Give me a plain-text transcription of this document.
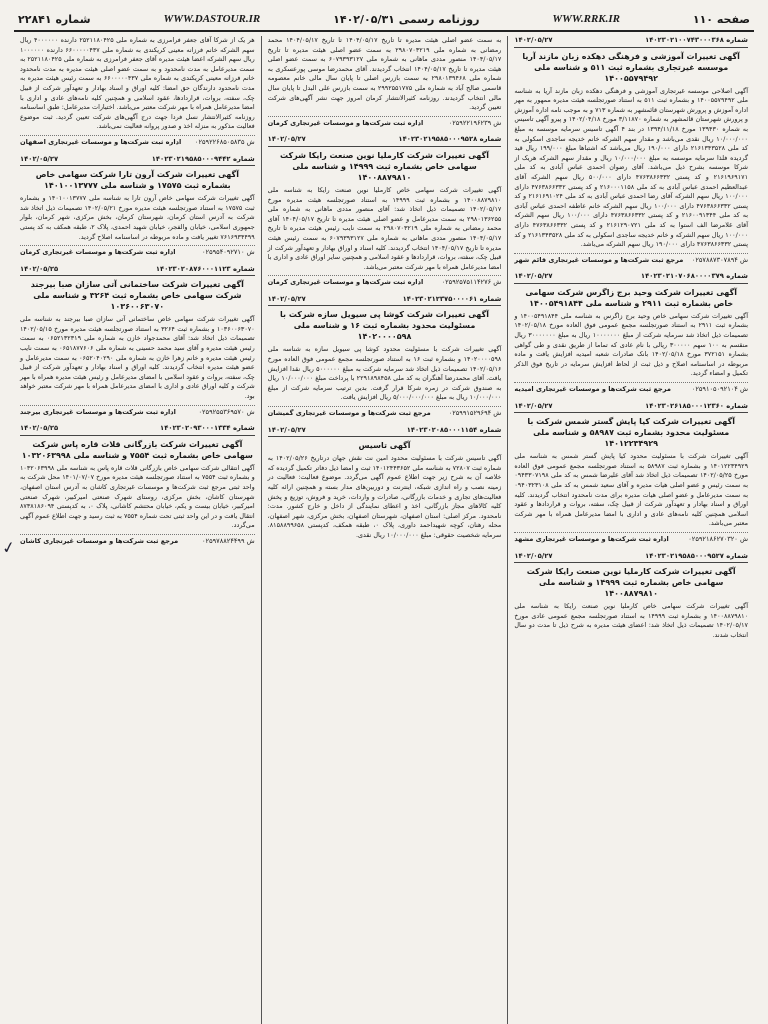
صفحه ۱۱۰
WWW.RRK.IR
روزنامه رسمی ۱۴۰۲/۰۵/۳۱
WWW.DASTOUR.IR
شماره ۲۲۸۴۱
شماره ۱۴۰۲۳۰۲۱۰۰۷۴۳۰۰۰۳۶۸
۱۴۰۲/۰۵/۲۷
آگهی تغییرات آموزشی و فرهنگی دهکده زبان مازند آریا موسسه غیرتجاری بشماره ثبت ۵۱۱ و شناسه ملی ۱۴۰۰۵۵۷۹۴۹۲

آگهی اصلاحی موسسه غیرتجاری آموزشی و فرهنگی دهکده زبان مازند آریا به شناسه ملی ۱۴۰۰۵۵۷۹۴۹۲ و بشماره ثبت ۵۱۱ به استناد صورتجلسه هیئت مدیره ممهور به مهر اداره آموزش و پرورش شهرستان قائمشهر به شماره ۷۱۳ و به موجب نامه اداره آموزش و پرورش شهرستان قائمشهر به شماره ۳/۱۱۸۷۰ مورخ ۱۴۰۲/۰۴/۱۸ و پیرو آگهی تاسیس به شماره ۱۳۹۴۳۰ مورخ ۱۳۹۴/۱۱/۱۸ در بند ۴ آگهی تاسیس سرمایه موسسه به مبلغ ۱۰/۰۰۰/۰۰۰ ریال نقدی می‌باشد و مقدار سهم الشرکه خانم خدیجه ساجدی اسکولی به کد ملی ۲۱۶۱۳۴۳۵۲۸ دارای ۱۹۰/۰۰۰ ریال می‌باشد که اشتباها مبلغ ۱۹۹/۰۰۰ ریال قید گردیده فلذا سرمایه موسسه به مبلغ ۱۰/۰۰۰/۰۰۰ ریال و مقدار سهم الشرکه هریک از شرکا موسسه بشرح ذیل می‌باشد. آقای رضوان احمدی عباس آبادی به کد ملی ۲۱۶۱۹۶۹۱۷۱ و کد پستی ۴۷۶۳۸۶۶۳۳۲ دارای ۵۰۰/۰۰۰ ریال سهم الشرکه آقای عبدالعظیم احمدی عباس آبادی به کد ملی ۲۱۶۰۰۰۱۱۵۸ و کد پستی ۴۷۶۳۸۶۶۳۳۲ دارای ۱۰۰/۰۰۰ ریال سهم الشرکه آقای رضا احمدی عباس آبادی به کد ملی ۲۱۶۱۶۹۱۰۲۴ و کد پستی ۴۷۶۳۸۶۶۳۳۲ دارای ۱۰۰/۰۰۰ ریال سهم الشرکه خانم عاطفه احمدی عباس آبادی به کد ملی ۲۱۶۰۰۹۱۳۴۴ و کد پستی ۴۷۶۳۸۶۶۳۳۲ دارای ۱۰۰/۰۰۰ ریال سهم الشرکه آقای غلامرضا الف استوا به کد ملی ۲۱۶۱۲۹۰۷۲۱ و کد پستی ۴۷۶۳۸۶۶۳۳۲ دارای ۱۰۰/۰۰۰ ریال سهم الشرکه و خانم خدیجه ساجدی اسکولی به کد ملی ۲۱۶۱۳۴۳۵۲۸ و کد پستی ۴۷۶۳۸۶۶۳۳۲ دارای ۱۹۰/۰۰۰ ریال سهم الشرکه می‌باشد.

ش ۰۲۵۷۸۸۷۳۰۷۸۹۴
مرجع ثبت شرکت‌ها و موسسات غیرتجاری قائم شهر
شماره ۱۴۰۲۳۰۲۱۰۷۰۶۸۰۰۰۰۳۷۹
۱۴۰۲/۰۵/۲۷
آگهی تغییرات شرکت وحید برج زاگرس شرکت سهامی خاص بشماره ثبت ۲۹۱۱ و شناسه ملی ۱۴۰۰۵۴۹۱۸۴۴

آگهی تغییرات شرکت سهامی خاص وحید برج زاگرس به شناسه ملی ۱۴۰۰۵۴۹۱۸۴۴ و بشماره ثبت ۲۹۱۱ به استناد صورتجلسه مجمع عمومی فوق العاده مورخ ۱۴۰۲/۰۵/۱۸ تصمیمات ذیل اتخاذ شد سرمایه شرکت از مبلغ ۱۰۰۰۰۰۰۰ ریال به مبلغ ۳۰۰۰۰۰۰۰ ریال منقسم به ۱۰۰ سهم ۳۰۰۰۰۰ ریالی با نام عادی که تماما از طریق نقدی و طی گواهی بشماره ۳۷۲۱۵۱ مورخ ۱۴۰۲/۰۵/۱۸ بانک صادرات شعبه امیدیه افزایش یافت و ماده مربوطه در اساسنامه اصلاح و ذیل ثبت از لحاظ افزایش سرمایه در تاریخ فوق الذکر تکمیل و امضاء گردید.

ش ۰۲۵۹۱۰۵۰۹۲۱۰۴
مرجع ثبت شرکت‌ها و موسسات غیرتجاری امیدیه
شماره ۱۴۰۲۳۰۲۶۱۸۵۰۰۰۱۲۳۶۰
۱۴۰۲/۰۵/۲۷
آگهی تغییرات شرکت کیا پایش گستر شمس شرکت با مسئولیت محدود بشماره ثبت ۵۸۹۸۷ و شناسه ملی ۱۴۰۱۲۲۳۴۹۲۹

آگهی تغییرات شرکت با مسئولیت محدود کیا پایش گستر شمس به شناسه ملی ۱۴۰۱۲۲۳۴۹۲۹ و بشماره ثبت ۵۸۹۸۷ به استناد صورتجلسه مجمع عمومی فوق العاده مورخ ۱۴۰۲/۰۵/۲۵ تصمیمات ذیل اتخاذ شد آقای علیرضا شمس به کد ملی ۰۹۴۳۳۰۷۱۹۸ به سمت رئیس و عضو اصلی هیات مدیره و آقای سعید شمس به کد ملی ۰۹۴۰۳۲۳۱۰۸ به سمت مدیرعامل و عضو اصلی هیات مدیره برای مدت نامحدود انتخاب گردیدند. کلیه اوراق و اسناد بهادار و تعهدآور شرکت از قبیل چک، سفته، بروات و قراردادها و عقود اسلامی همچنین کلیه نامه‌های عادی و اداری با امضا مدیرعامل همراه با مهر شرکت معتبر می‌باشد.

ش ۰۲۵۹۲۱۸۶۲۷۰۳۲۰
اداره ثبت شرکت‌ها و موسسات غیرتجاری مشهد
شماره ۱۴۰۲۳۰۲۱۹۵۸۵۰۰۰۹۵۲۷
۱۴۰۲/۰۵/۲۷
آگهی تغییرات شرکت کارملیا نوین صنعت رایکا شرکت سهامی خاص بشماره ثبت ۱۴۹۹۹ و شناسه ملی ۱۴۰۰۸۸۷۹۸۱۰

آگهی تغییرات شرکت سهامی خاص کارملیا نوین صنعت رایکا به شناسه ملی ۱۴۰۰۸۸۷۹۸۱۰ و بشماره ثبت ۱۴۹۹۹ به استناد صورتجلسه مجمع عمومی عادی مورخ ۱۴۰۲/۰۵/۱۷ تصمیمات ذیل اتخاذ شد: اعضای هیئت مدیره به شرح ذیل تا مدت دو سال انتخاب شدند.

به سمت عضو اصلی هیئت مدیره تا تاریخ ۱۴۰۴/۰۵/۱۷ تا تاریخ ۱۴۰۴/۰۵/۱۷ محمد رمضانی به شماره ملی ۲۹۸۰۷۰۳۲۱۹ به سمت عضو اصلی هیئت مدیره تا تاریخ ۱۴۰۴/۰۵/۱۷ منصور مددی ماهانی به شماره ملی ۶۰۷۹۳۹۳۱۲۷ به سمت عضو اصلی هیئت مدیره تا تاریخ ۱۴۰۴/۰۵/۱۷ انتخاب گردیدند. آقای محمدرضا موسی پورعسکری به شماره ملی ۲۹۸۰۱۳۹۴۶۸ به سمت بازرس اصلی تا پایان سال مالی خانم معصومه قاسمی صالح آباد به شماره ملی ۲۹۹۲۵۵۱۷۷۵ به سمت بازرس علی البدل تا پایان سال مالی انتخاب گردیدند. روزنامه کثیرالانتشار کرمان امروز جهت نشر آگهی‌های شرکت تعیین گردید.

ش ۰۲۵۹۲۲۱۹۶۲۳۹
اداره ثبت شرکت‌ها و موسسات غیرتجاری کرمان
شماره ۱۴۰۲۳۰۲۱۹۵۸۵۰۰۰۹۵۲۸
۱۴۰۲/۰۵/۲۷
آگهی تغییرات شرکت کارملیا نوین صنعت رایکا شرکت سهامی خاص بشماره ثبت ۱۴۹۹۹ و شناسه ملی ۱۴۰۰۸۸۷۹۸۱۰

آگهی تغییرات شرکت سهامی خاص کارملیا نوین صنعت رایکا به شناسه ملی ۱۴۰۰۸۸۷۹۸۱۰ و بشماره ثبت ۱۴۹۹۹ به استناد صورتجلسه هیئت مدیره مورخ ۱۴۰۲/۰۵/۱۷ تصمیمات ذیل اتخاذ شد: آقای منصور مددی ماهانی به شماره ملی ۲۹۸۰۱۳۶۲۵۵ به سمت مدیرعامل و عضو اصلی هیئت مدیره تا تاریخ ۱۴۰۴/۰۵/۱۷ آقای محمد رمضانی به شماره ملی ۲۹۸۰۷۰۳۲۱۹ به سمت نایب رئیس هیئت مدیره تا تاریخ ۱۴۰۴/۰۵/۱۷ منصور مددی ماهانی به شماره ملی ۶۰۷۹۳۹۳۱۲۷ به سمت رئیس هیئت مدیره تا تاریخ ۱۴۰۴/۰۵/۱۷ انتخاب گردیدند. کلیه اسناد و اوراق بهادار و تعهدآور شرکت از قبیل چک، سفته، بروات، قراردادها و عقود اسلامی و همچنین سایر اوراق عادی و اداری با امضا مدیرعامل همراه با مهر شرکت معتبر می‌باشد.

ش ۰۲۵۹۲۵۷۵۱۱۴۲۷۶
اداره ثبت شرکت‌ها و موسسات غیرتجاری کرمان
شماره ۱۴۰۲۳۰۲۱۲۳۷۵۰۰۰۰۶۱
۱۴۰۲/۰۵/۲۷
آگهی تغییرات شرکت کوشا پی سیویل سازه شرکت با مسئولیت محدود بشماره ثبت ۱۶ و شناسه ملی ۱۴۰۲۰۰۰۰۵۹۸

آگهی تغییرات شرکت با مسئولیت محدود کوشا پی سیویل سازه به شناسه ملی ۱۴۰۲۰۰۰۰۵۹۸ و بشماره ثبت ۱۶ به استناد صورتجلسه مجمع عمومی فوق العاده مورخ ۱۴۰۲/۰۵/۱۶ تصمیمات ذیل اتخاذ شد سرمایه شرکت به مبلغ ۵۰۰۰۰۰۰ ریال نقدا افزایش یافت. آقای محمدرضا آهنگران به کد ملی ۲۲۹۱۸۹۸۴۵۸ با پرداخت مبلغ ۱۰/۰۰۰/۰۰۰ ریال به صندوق شرکت در زمره شرکا قرار گرفت. بدین ترتیب سرمایه شرکت از مبلغ ۱۰/۰۰۰/۰۰۰ ریال به مبلغ ۵/۰۰۰/۰۰۰/۰۰۰ ریال افزایش یافت.

ش ۰۲۵۹۹۱۵۲۹۶۹۴
مرجع ثبت شرکت‌ها و موسسات غیرتجاری گمیشان
شماره ۱۴۰۲۳۰۲۰۸۵۰۰۰۱۱۵۴
۱۴۰۲/۰۵/۲۷
آگهی تاسیس

آگهی تاسیس شرکت با مسئولیت محدود امین نت نقش جهان درتاریخ ۱۴۰۲/۰۵/۲۶ به شماره ثبت ۷۲۸۰۷ به شناسه ملی ۱۴۰۱۲۴۴۳۶۵۲ ثبت و امضا ذیل دفاتر تکمیل گردیده که خلاصه آن به شرح زیر جهت اطلاع عموم آگهی می‌گردد. موضوع فعالیت: فعالیت در زمینه نصب و راه اندازی شبکه، اینترنت و دوربین‌های مدار بسته و همچنین ارائه کلیه فعالیت‌های تجاری و خدمات بازرگانی، صادرات و واردات، خرید و فروش، توزیع و پخش کلیه کالاهای مجاز بازرگانی، اخذ و اعطای نمایندگی از داخل و خارج کشور. مدت: نامحدود. مرکز اصلی: استان اصفهان، شهرستان اصفهان، بخش مرکزی، شهر اصفهان، محله رهنان، کوچه شهیداحمد داوری، پلاک ۰، طبقه همکف، کدپستی ۸۱۵۸۸۹۹۶۵۸. سرمایه شخصیت حقوقی: مبلغ ۱۰/۰۰۰/۰۰۰ ریال نقدی.

هر یک از شرکا آقای جعفر فرامرزی به شماره ملی ۲۵۲۱۱۸۰۴۲۵ دارنده ۴۰۰۰۰۰۰ ریال سهم الشرکه خانم فرزانه معینی کریکندی به شماره ملی ۶۶۰۰۰۰۰۴۳۷ دارنده ۱۰۰۰۰۰۰ ریال سهم الشرکه اعضا هیئت مدیره آقای جعفر فرامرزی به شماره ملی ۲۵۲۱۱۸۰۴۲۵ به سمت مدیرعامل به مدت نامحدود و به سمت عضو اصلی هیئت مدیره به مدت نامحدود خانم فرزانه معینی کریکندی به شماره ملی ۶۶۰۰۰۰۰۴۳۷ به سمت رئیس هیئت مدیره به مدت نامحدود دارندگان حق امضا: کلیه اوراق و اسناد بهادار و تعهدآور شرکت از قبیل چک، سفته، بروات، قراردادها، عقود اسلامی و همچنین کلیه نامه‌های عادی و اداری با امضا مدیرعامل همراه با مهر شرکت معتبر می‌باشد. اختیارات مدیرعامل: طبق اساسنامه روزنامه کثیرالانتشار نسل فردا جهت درج آگهی‌های شرکت تعیین گردید. ثبت موضوع فعالیت مذکور به منزله اخذ و صدور پروانه فعالیت نمی‌باشد.

ش ۰۲۵۹۲۲۶۸۵۰۵۸۳۵
اداره ثبت شرکت‌ها و موسسات غیرتجاری اصفهان
شماره ۱۴۰۲۳۰۲۱۹۵۸۵۰۰۰۹۴۴۲
۱۴۰۲/۰۵/۲۷
آگهی تغییرات شرکت آرون تارا شرکت سهامی خاص بشماره ثبت ۱۷۵۷۵ و شناسه ملی ۱۴۰۱۰۰۱۳۷۷۷

آگهی تغییرات شرکت سهامی خاص آرون تارا به شناسه ملی ۱۴۰۱۰۰۱۳۷۷۷ و بشماره ثبت ۱۷۵۷۵ به استناد صورتجلسه هیئت مدیره مورخ ۱۴۰۲/۰۵/۲۱ تصمیمات ذیل اتخاذ شد شرکت به آدرس استان کرمان، شهرستان کرمان، بخش مرکزی، شهر کرمان، بلوار جمهوری اسلامی، خیابان والفجر، خیابان شهید احمدی، پلاک ۲، طبقه همکف به کد پستی ۷۶۱۶۹۳۴۴۹۹ تغییر یافت و ماده مربوطه در اساسنامه اصلاح گردید.

ش ۰۲۵۹۵۴۰۹۲۷۱۰
اداره ثبت شرکت‌ها و موسسات غیرتجاری کرمان
شماره ۱۴۰۲۳۰۲۰۸۷۶۰۰۰۱۱۲۳
۱۴۰۲/۰۵/۲۵
آگهی تغییرات شرکت ساختمانی آتی سازان صبا بیرجند شرکت سهامی خاص بشماره ثبت ۳۲۶۴ و شناسه ملی ۱۰۳۶۰۰۶۳۰۷۰

آگهی تغییرات شرکت سهامی خاص ساختمانی آتی سازان صبا بیرجند به شناسه ملی ۱۰۳۶۰۰۶۳۰۷۰ و بشماره ثبت ۳۲۶۴ به استناد صورتجلسه هیئت مدیره مورخ ۱۴۰۲/۰۵/۱۵ تصمیمات ذیل اتخاذ شد: آقای محمدجواد خازن به شماره ملی ۰۶۵۲۱۳۲۳۱۹ به سمت رئیس هیئت مدیره و آقای سید محمد حسینی به شماره ملی ۰۶۵۱۸۷۷۶۰۶ به سمت نایب رئیس هیئت مدیره و خانم زهرا خازن به شماره ملی ۰۶۵۲۰۴۰۲۹۰ به سمت مدیرعامل و عضو هیئت مدیره انتخاب گردیدند. کلیه اوراق و اسناد بهادار و تعهدآور شرکت از قبیل چک، سفته، بروات و عقود اسلامی با امضای مدیرعامل و رئیس هیئت مدیره همراه با مهر شرکت و کلیه اوراق عادی و اداری با امضای مدیرعامل همراه با مهر شرکت معتبر خواهد بود.

ش ۰۲۵۹۲۵۵۳۶۹۵۷۰
اداره ثبت شرکت‌ها و موسسات غیرتجاری بیرجند
شماره ۱۴۰۲۳۰۲۰۹۳۰۰۰۱۳۳۴
۱۴۰۲/۰۵/۲۵
آگهی تغییرات شرکت بازرگانی قلات قاره پاس شرکت سهامی خاص بشماره ثبت ۷۵۵۴ و شناسه ملی ۱۰۳۲۰۶۳۹۹۸

آگهی انتقالی شرکت سهامی خاص بازرگانی قلات قاره پاس به شناسه ملی ۱۰۳۲۰۶۳۹۹۸ و بشماره ثبت ۷۵۵۴ به استناد صورتجلسه هیئت مدیره مورخ ۱۴۰۱/۰۷/۰۷ محل شرکت به واحد ثبتی مرجع ثبت شرکت‌ها و موسسات غیرتجاری کاشان به آدرس استان اصفهان، شهرستان کاشان، بخش مرکزی، روستای شهرک صنعتی امیرکبیر، شهرک صنعتی امیرکبیر، خیابان بیست و یکم، خیابان محتشم کاشانی، پلاک ۰، به کدپستی ۸۷۳۸۱۸۶۰۹۴ انتقال یافت و در این واحد ثبتی تحت شماره ۷۵۵۴ به ثبت رسید و جهت اطلاع عموم آگهی می‌گردد.

ش ۰۲۵۹۷۸۸۲۴۴۹۹
مرجع ثبت شرکت‌ها و موسسات غیرتجاری کاشان
✓
